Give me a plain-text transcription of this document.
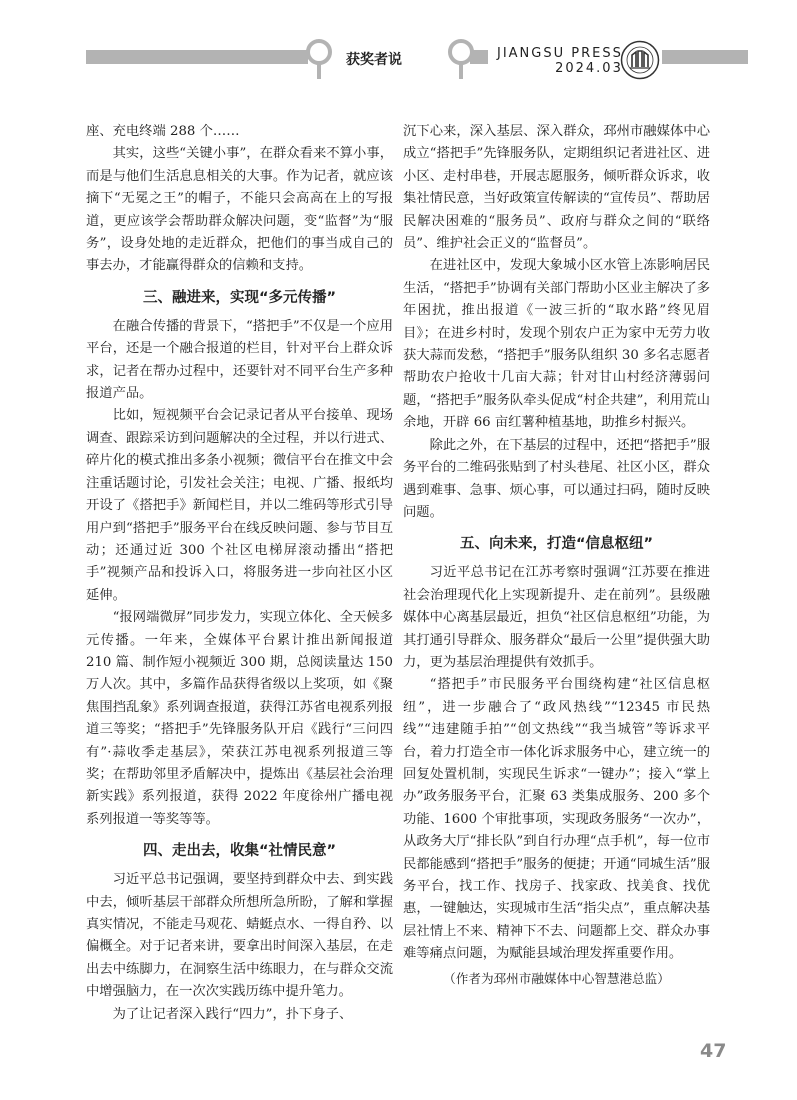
获奖者说	JIANGSU PRESS
2024.03

座、充电终端 288 个……

其实，这些“关键小事”，在群众看来不算小事，而是与他们生活息息相关的大事。作为记者，就应该摘下“无冕之王”的帽子，不能只会高高在上的写报道，更应该学会帮助群众解决问题，变“监督”为“服务”，设身处地的走近群众，把他们的事当成自己的事去办，才能赢得群众的信赖和支持。

三、融进来，实现“多元传播”

在融合传播的背景下，“搭把手”不仅是一个应用平台，还是一个融合报道的栏目，针对平台上群众诉求，记者在帮办过程中，还要针对不同平台生产多种报道产品。

比如，短视频平台会记录记者从平台接单、现场调查、跟踪采访到问题解决的全过程，并以行进式、碎片化的模式推出多条小视频；微信平台在推文中会注重话题讨论，引发社会关注；电视、广播、报纸均开设了《搭把手》新闻栏目，并以二维码等形式引导用户到“搭把手”服务平台在线反映问题、参与节目互动；还通过近 300 个社区电梯屏滚动播出“搭把手”视频产品和投诉入口，将服务进一步向社区小区延伸。

“报网端微屏”同步发力，实现立体化、全天候多元传播。一年来，全媒体平台累计推出新闻报道 210 篇、制作短小视频近 300 期，总阅读量达 150 万人次。其中，多篇作品获得省级以上奖项，如《聚焦围挡乱象》系列调查报道，获得江苏省电视系列报道三等奖；“搭把手”先锋服务队开启《践行“三问四有”·蒜收季走基层》，荣获江苏电视系列报道三等奖；在帮助邻里矛盾解决中，提炼出《基层社会治理新实践》系列报道，获得 2022 年度徐州广播电视系列报道一等奖等等。

四、走出去，收集“社情民意”

习近平总书记强调，要坚持到群众中去、到实践中去，倾听基层干部群众所想所急所盼，了解和掌握真实情况，不能走马观花、蜻蜓点水、一得自矜、以偏概全。对于记者来讲，要拿出时间深入基层，在走出去中练脚力，在洞察生活中练眼力，在与群众交流中增强脑力，在一次次实践历练中提升笔力。

为了让记者深入践行“四力”，扑下身子、

沉下心来，深入基层、深入群众，邳州市融媒体中心成立“搭把手”先锋服务队，定期组织记者进社区、进小区、走村串巷，开展志愿服务，倾听群众诉求，收集社情民意，当好政策宣传解读的“宣传员”、帮助居民解决困难的“服务员”、政府与群众之间的“联络员”、维护社会正义的“监督员”。

在进社区中，发现大象城小区水管上冻影响居民生活，“搭把手”协调有关部门帮助小区业主解决了多年困扰，推出报道《一波三折的“取水路”终见眉目》；在进乡村时，发现个别农户正为家中无劳力收获大蒜而发愁，“搭把手”服务队组织 30 多名志愿者帮助农户抢收十几亩大蒜；针对甘山村经济薄弱问题，“搭把手”服务队牵头促成“村企共建”，利用荒山余地，开辟 66 亩红薯种植基地，助推乡村振兴。

除此之外，在下基层的过程中，还把“搭把手”服务平台的二维码张贴到了村头巷尾、社区小区，群众遇到难事、急事、烦心事，可以通过扫码，随时反映问题。

五、向未来，打造“信息枢纽”

习近平总书记在江苏考察时强调“江苏要在推进社会治理现代化上实现新提升、走在前列”。县级融媒体中心离基层最近，担负“社区信息枢纽”功能，为其打通引导群众、服务群众“最后一公里”提供强大助力，更为基层治理提供有效抓手。

“搭把手”市民服务平台围绕构建“社区信息枢纽”，进一步融合了“政风热线”“12345 市民热线”“违建随手拍”“创文热线”“我当城管”等诉求平台，着力打造全市一体化诉求服务中心，建立统一的回复处置机制，实现民生诉求“一键办”；接入“掌上办”政务服务平台，汇聚 63 类集成服务、200 多个功能、1600 个审批事项，实现政务服务“一次办”，从政务大厅“排长队”到自行办理“点手机”，每一位市民都能感到“搭把手”服务的便捷；开通“同城生活”服务平台，找工作、找房子、找家政、找美食、找优惠，一键触达，实现城市生活“指尖点”，重点解决基层社情上不来、精神下不去、问题都上交、群众办事难等痛点问题，为赋能县域治理发挥重要作用。

（作者为邳州市融媒体中心智慧港总监）

47
